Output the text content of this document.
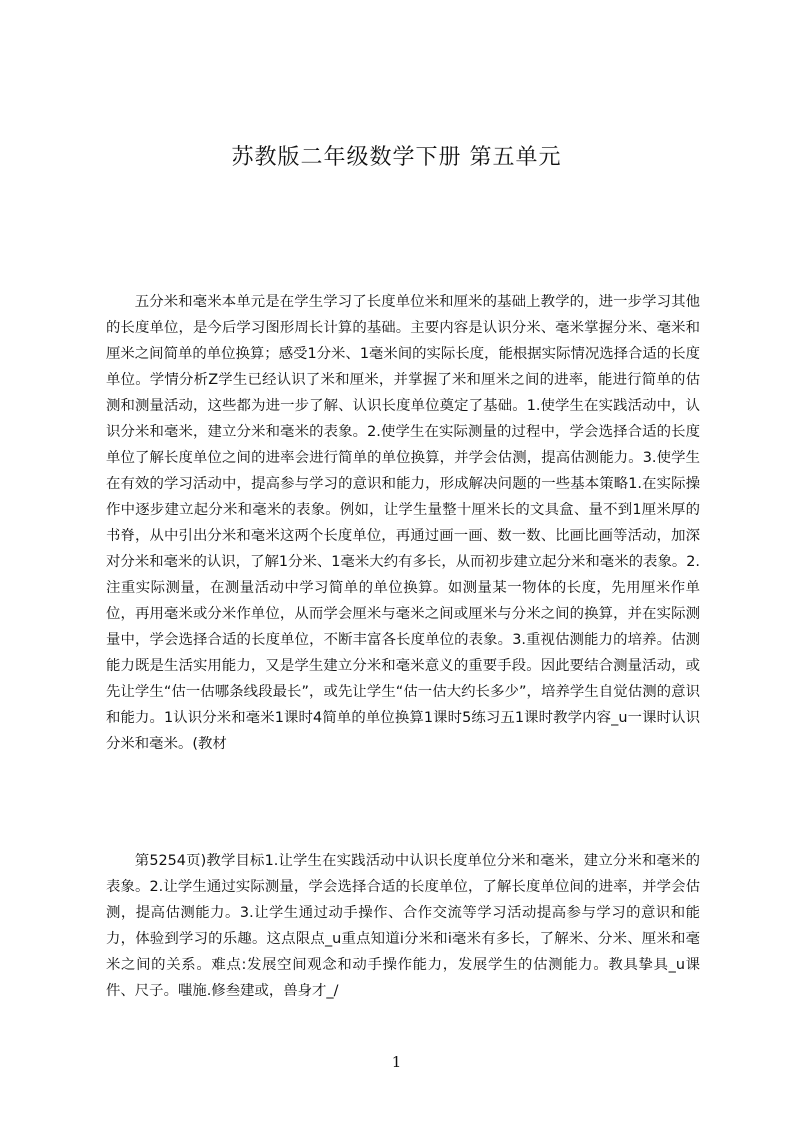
苏教版二年级数学下册 第五单元

五分米和毫米本单元是在学生学习了长度单位米和厘米的基础上教学的，进一步学习其他的长度单位，是今后学习图形周长计算的基础。主要内容是认识分米、毫米掌握分米、毫米和厘米之间简单的单位换算；感受1分米、1毫米间的实际长度，能根据实际情况选择合适的长度单位。学情分析Z学生已经认识了米和厘米，并掌握了米和厘米之间的进率，能进行简单的估测和测量活动，这些都为进一步了解、认识长度单位奠定了基础。1.使学生在实践活动中，认识分米和毫米，建立分米和毫米的表象。2.使学生在实际测量的过程中，学会选择合适的长度单位了解长度单位之间的进率会进行简单的单位换算，并学会估测，提高估测能力。3.使学生在有效的学习活动中，提高参与学习的意识和能力，形成解决问题的一些基本策略1.在实际操作中逐步建立起分米和毫米的表象。例如，让学生量整十厘米长的文具盒、量不到1厘米厚的书脊，从中引出分米和毫米这两个长度单位，再通过画一画、数一数、比画比画等活动，加深对分米和毫米的认识，了解1分米、1毫米大约有多长，从而初步建立起分米和毫米的表象。2.注重实际测量，在测量活动中学习简单的单位换算。如测量某一物体的长度，先用厘米作单位，再用毫米或分米作单位，从而学会厘米与毫米之间或厘米与分米之间的换算，并在实际测量中，学会选择合适的长度单位，不断丰富各长度单位的表象。3.重视估测能力的培养。估测能力既是生活实用能力，又是学生建立分米和毫米意义的重要手段。因此要结合测量活动，或先让学生“估一估哪条线段最长”，或先让学生“估一估大约长多少”，培养学生自觉估测的意识和能力。1认识分米和毫米1课时4简单的单位换算1课时5练习五1课时教学内容_u一课时认识分米和毫米。(教材

第5254页)教学目标1.让学生在实践活动中认识长度单位分米和毫米，建立分米和毫米的表象。2.让学生通过实际测量，学会选择合适的长度单位，了解长度单位间的进率，并学会估测，提高估测能力。3.让学生通过动手操作、合作交流等学习活动提高参与学习的意识和能力，体验到学习的乐趣。这点限点_u重点知道i分米和i毫米有多长，了解米、分米、厘米和毫米之间的关系。难点:发展空间观念和动手操作能力，发展学生的估测能力。教具挚具_u课件、尺子。嗤施.修叁建或，兽身才_/

1
